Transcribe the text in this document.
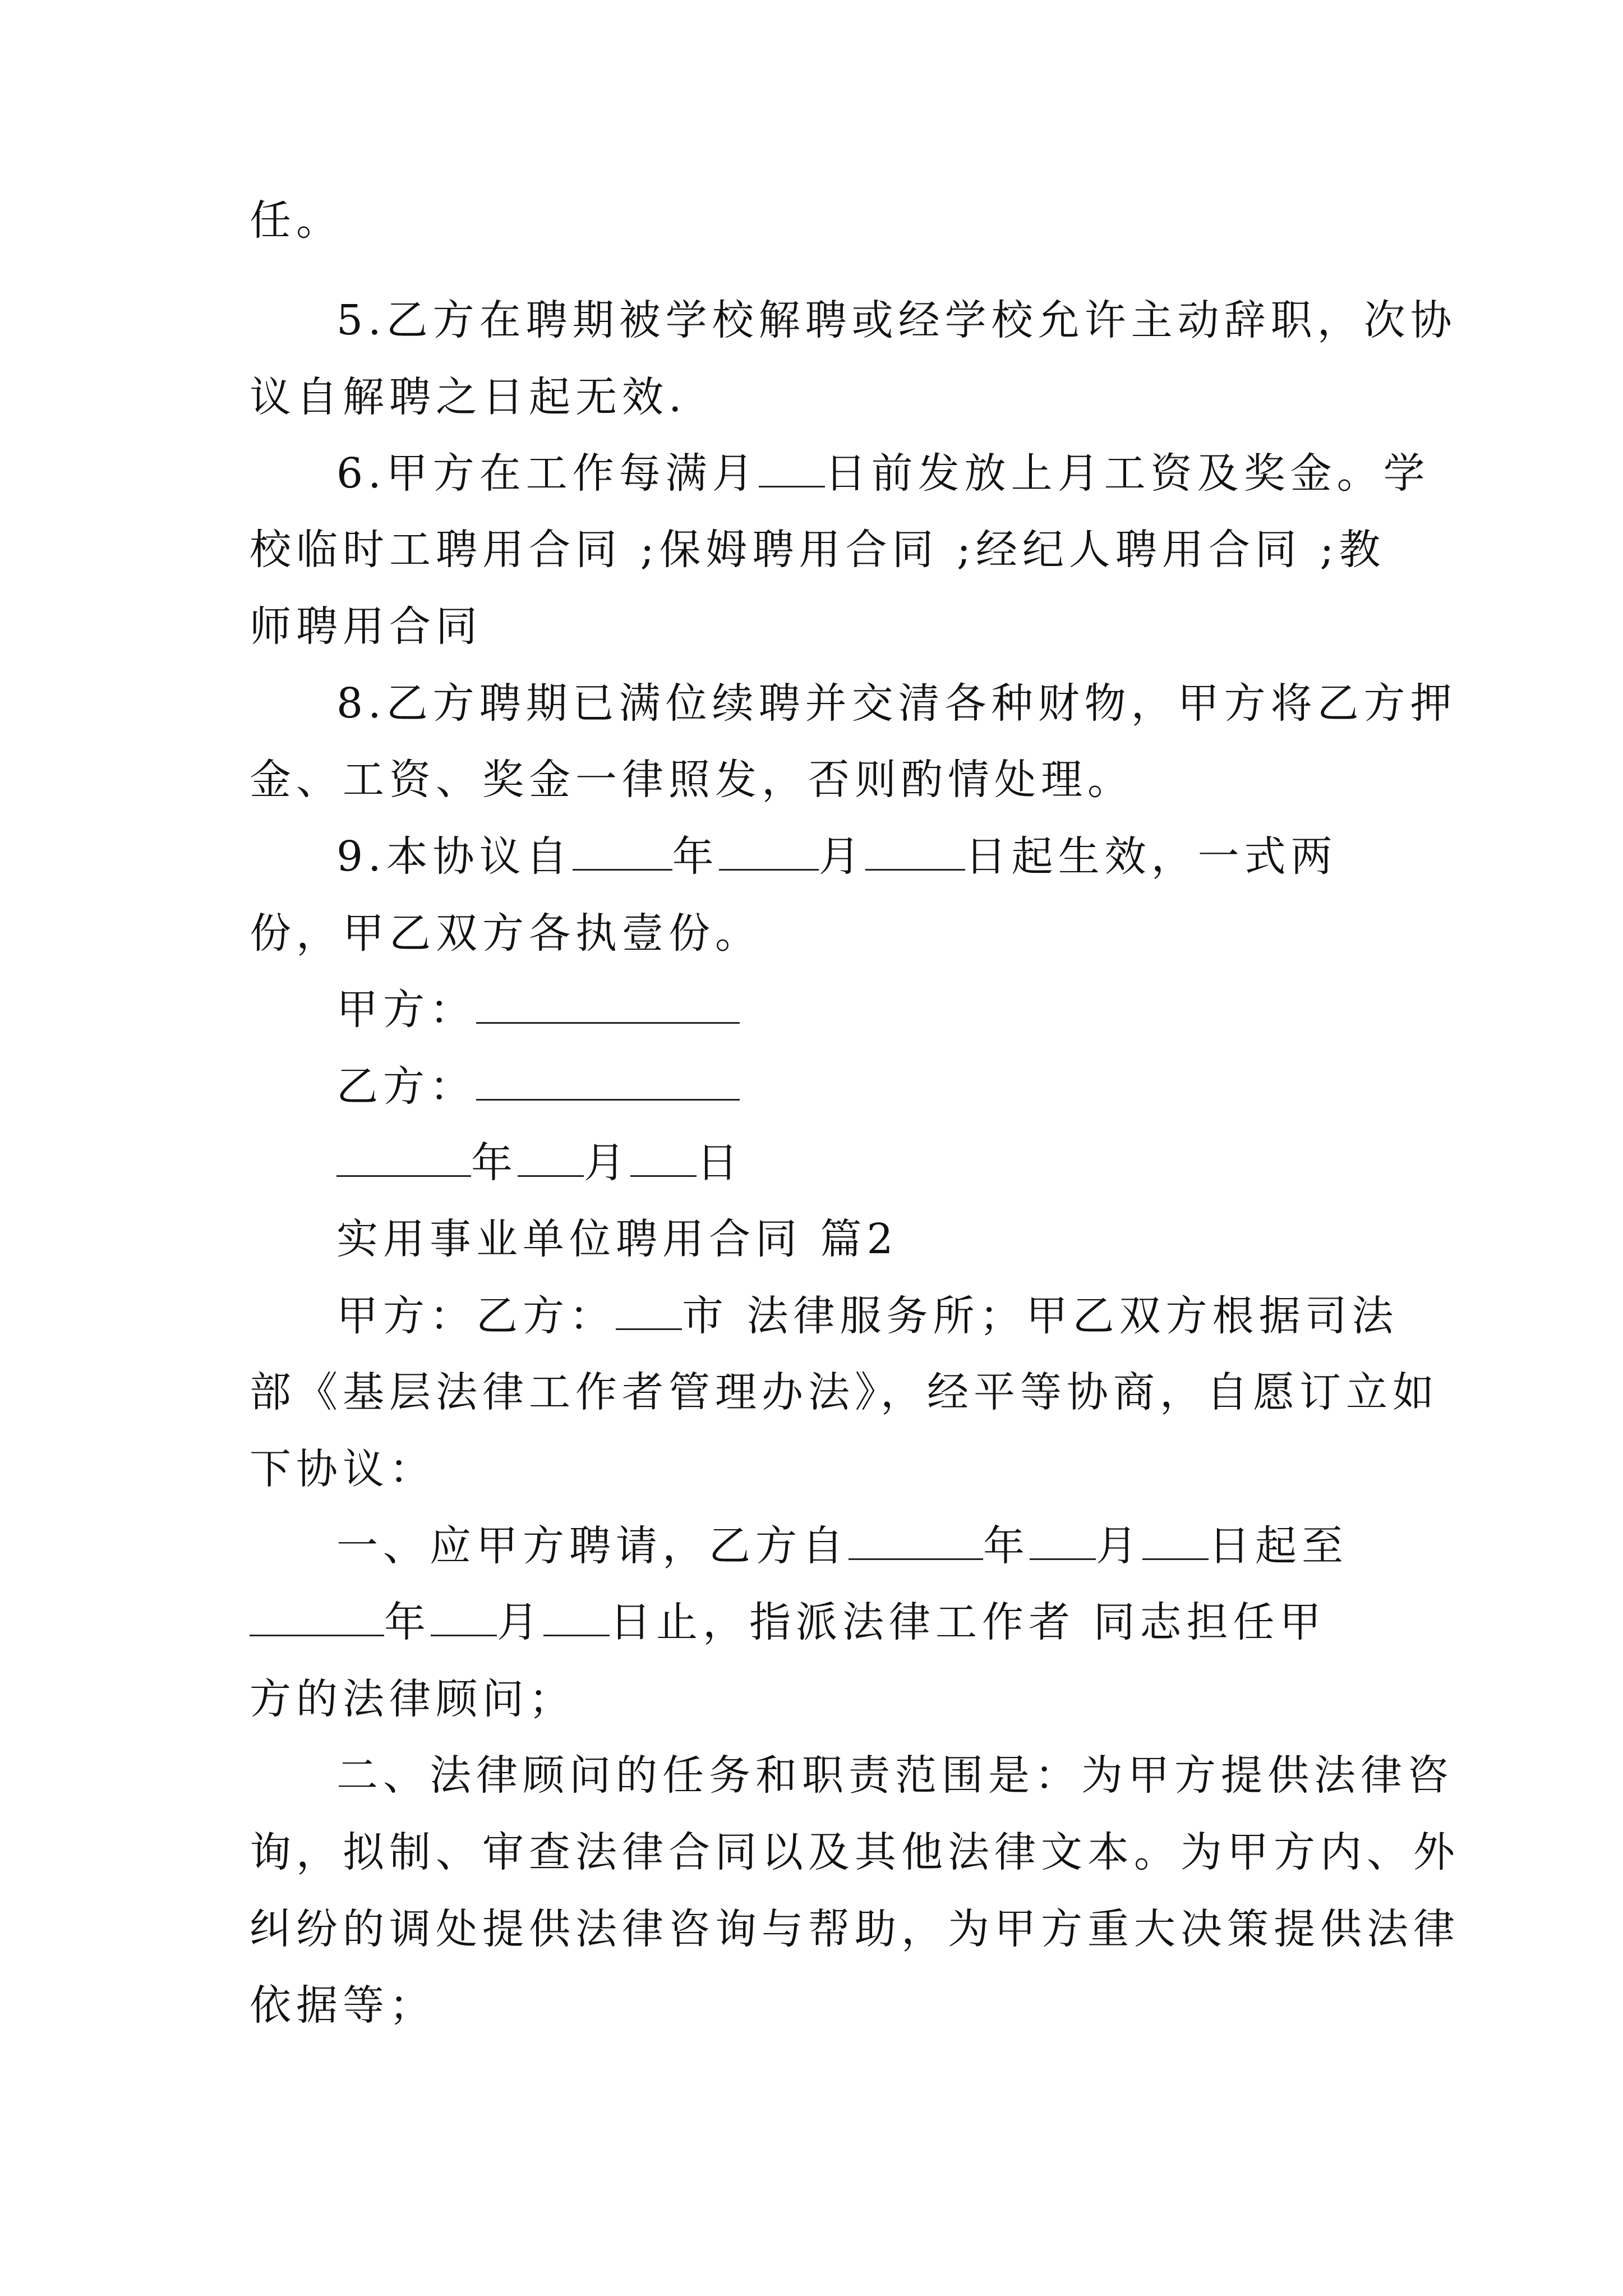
任。
5.乙方在聘期被学校解聘或经学校允许主动辞职，次协
议自解聘之日起无效.
6.甲方在工作每满月 日前发放上月工资及奖金。学
校临时工聘用合同 ;保姆聘用合同 ;经纪人聘用合同 ;教
师聘用合同
8.乙方聘期已满位续聘并交清各种财物，甲方将乙方押
金、工资、奖金一律照发，否则酌情处理。
9.本协议自 年 月 日起生效，一式两
份，甲乙双方各执壹份。
甲方：
乙方：
年 月 日
实用事业单位聘用合同 篇2
甲方：乙方： 市 法律服务所；甲乙双方根据司法
部《基层法律工作者管理办法》，经平等协商，自愿订立如
下协议：
一、应甲方聘请，乙方自	年 月 日起至
年 月 日止，指派法律工作者 同志担任甲
方的法律顾问；
二、法律顾问的任务和职责范围是：为甲方提供法律咨
询，拟制、审查法律合同以及其他法律文本。为甲方内、外
纠纷的调处提供法律咨询与帮助，为甲方重大决策提供法律
依据等；
